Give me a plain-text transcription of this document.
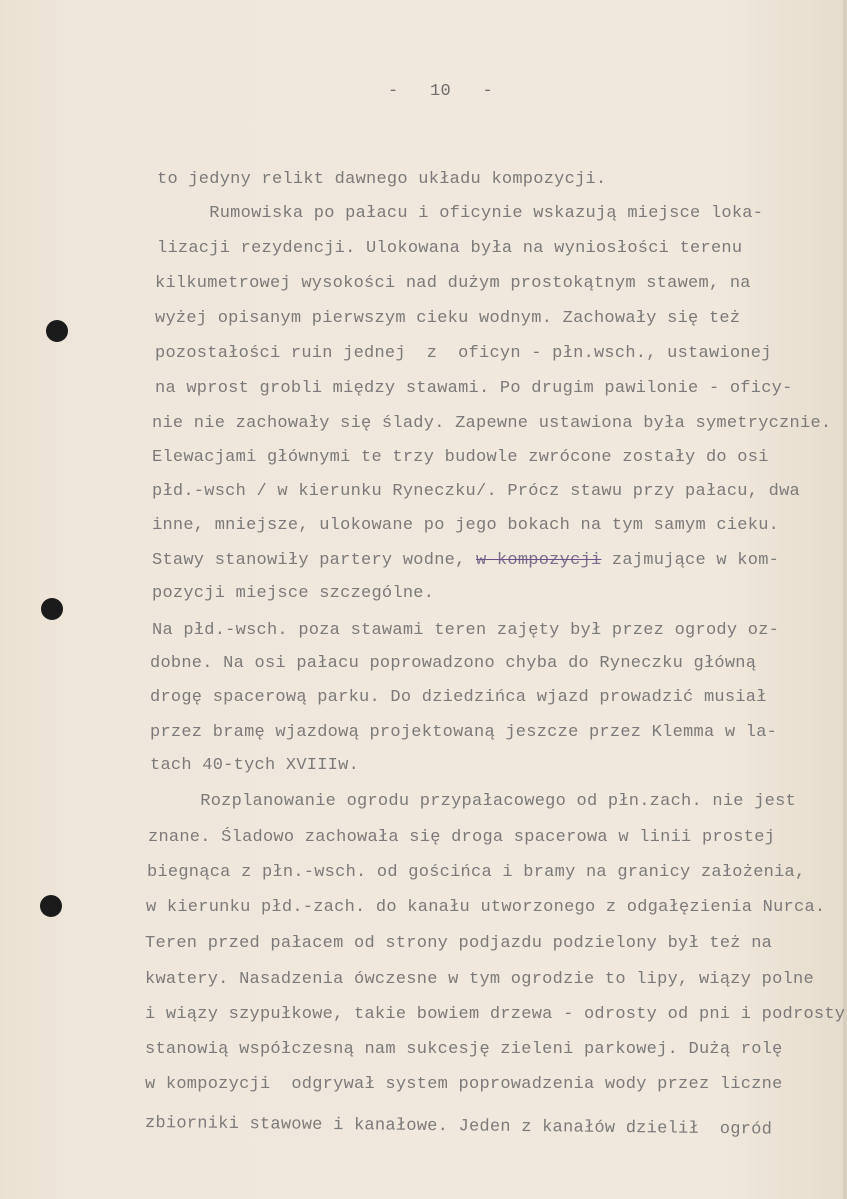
-   10   -
to jedyny relikt dawnego układu kompozycji.
Rumowiska po pałacu i oficynie wskazują miejsce loka-
lizacji rezydencji. Ulokowana była na wyniosłości terenu
kilkumetrowej wysokości nad dużym prostokątnym stawem, na
wyżej opisanym pierwszym cieku wodnym. Zachowały się też
pozostałości ruin jednej  z  oficyn - płn.wsch., ustawionej
na wprost grobli między stawami. Po drugim pawilonie - oficy-
nie nie zachowały się ślady. Zapewne ustawiona była symetrycznie.
Elewacjami głównymi te trzy budowle zwrócone zostały do osi
płd.-wsch / w kierunku Ryneczku/. Prócz stawu przy pałacu, dwa
inne, mniejsze, ulokowane po jego bokach na tym samym cieku.
Stawy stanowiły partery wodne, w kompozycji zajmujące w kom-
pozycji miejsce szczególne.
Na płd.-wsch. poza stawami teren zajęty był przez ogrody oz-
dobne. Na osi pałacu poprowadzono chyba do Ryneczku główną
drogę spacerową parku. Do dziedzińca wjazd prowadzić musiał
przez bramę wjazdową projektowaną jeszcze przez Klemma w la-
tach 40-tych XVIIIw.
Rozplanowanie ogrodu przypałacowego od płn.zach. nie jest
znane. Śladowo zachowała się droga spacerowa w linii prostej
biegnąca z płn.-wsch. od gościńca i bramy na granicy założenia,
w kierunku płd.-zach. do kanału utworzonego z odgałęzienia Nurca.
Teren przed pałacem od strony podjazdu podzielony był też na
kwatery. Nasadzenia ówczesne w tym ogrodzie to lipy, wiązy polne
i wiązy szypułkowe, takie bowiem drzewa - odrosty od pni i podrosty
stanowią współczesną nam sukcesję zieleni parkowej. Dużą rolę
w kompozycji  odgrywał system poprowadzenia wody przez liczne
zbiorniki stawowe i kanałowe. Jeden z kanałów dzielił  ogród
